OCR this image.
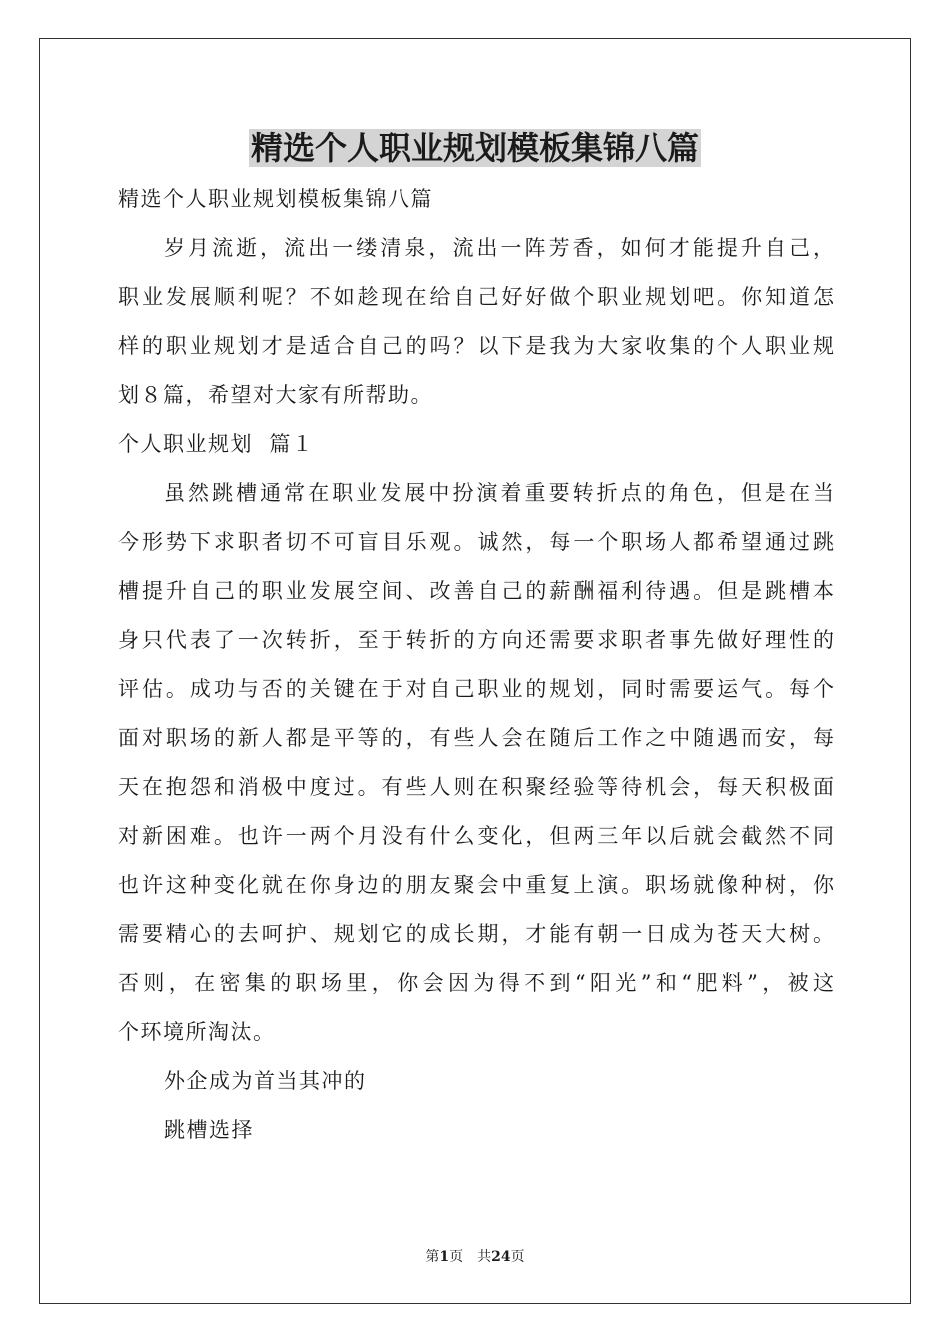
精选个人职业规划模板集锦八篇
精选个人职业规划模板集锦八篇
岁月流逝，流出一缕清泉，流出一阵芳香，如何才能提升自己，
职业发展顺利呢？不如趁现在给自己好好做个职业规划吧。你知道怎
样的职业规划才是适合自己的吗？以下是我为大家收集的个人职业规
划８篇，希望对大家有所帮助。
个人职业规划  篇１
虽然跳槽通常在职业发展中扮演着重要转折点的角色，但是在当
今形势下求职者切不可盲目乐观。诚然，每一个职场人都希望通过跳
槽提升自己的职业发展空间、改善自己的薪酬福利待遇。但是跳槽本
身只代表了一次转折，至于转折的方向还需要求职者事先做好理性的
评估。成功与否的关键在于对自己职业的规划，同时需要运气。每个
面对职场的新人都是平等的，有些人会在随后工作之中随遇而安，每
天在抱怨和消极中度过。有些人则在积聚经验等待机会，每天积极面
对新困难。也许一两个月没有什么变化，但两三年以后就会截然不同
也许这种变化就在你身边的朋友聚会中重复上演。职场就像种树，你
需要精心的去呵护、规划它的成长期，才能有朝一日成为苍天大树。
否则，在密集的职场里，你会因为得不到“阳光”和“肥料”，被这
个环境所淘汰。
外企成为首当其冲的
跳槽选择
第1页 共24页
